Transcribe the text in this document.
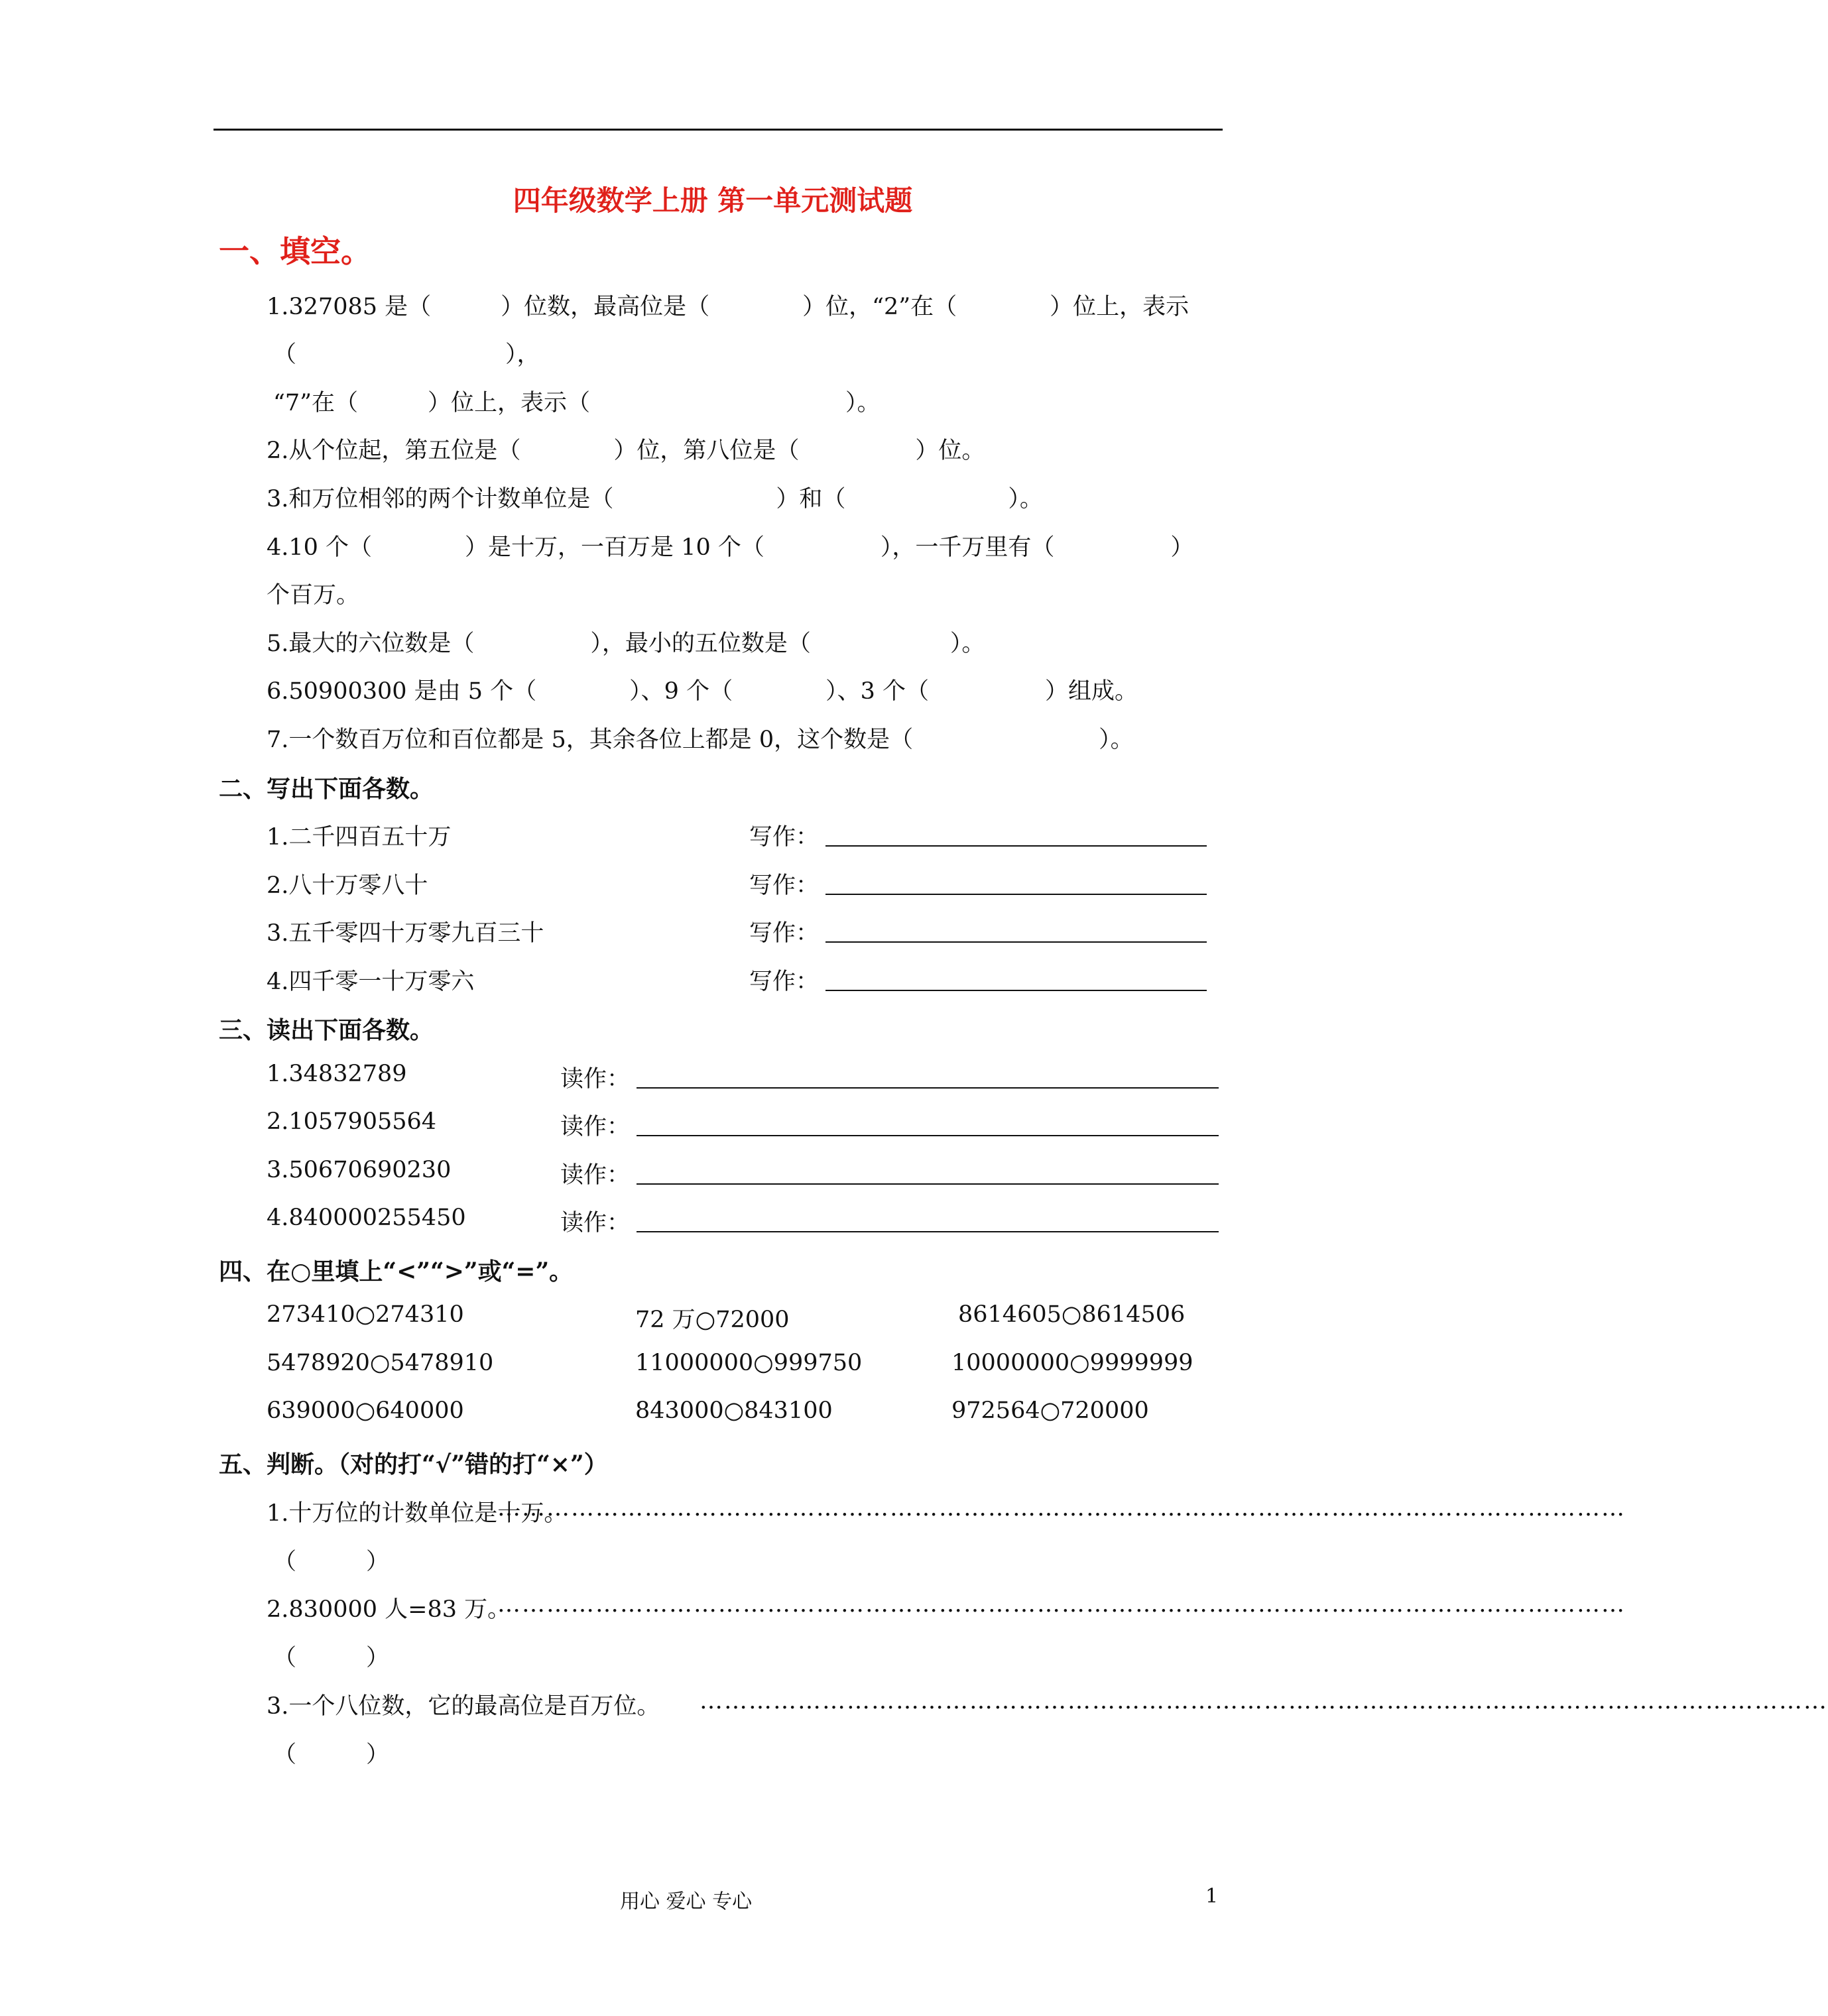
四年级数学上册 第一单元测试题
一、填空。
1.327085 是（　　　）位数，最高位是（　　　　）位，“2”在（　　　　）位上，表示
（　　　　　　　　　），
“7”在（　　　）位上，表示（　　　　　　　　　　　）。
2.从个位起，第五位是（　　　　）位，第八位是（　　　　　）位。
3.和万位相邻的两个计数单位是（　　　　　　　）和（　　　　　　　）。
4.10 个（　　　　）是十万，一百万是 10 个（　　　　　），一千万里有（　　　　　）
个百万。
5.最大的六位数是（　　　　　），最小的五位数是（　　　　　　）。
6.50900300 是由 5 个（　　　　）、9 个（　　　　）、3 个（　　　　　）组成。
7.一个数百万位和百位都是 5，其余各位上都是 0，这个数是（　　　　　　　　）。
二、写出下面各数。
1.二千四百五十万	写作：
2.八十万零八十	写作：
3.五千零四十万零九百三十	写作：
4.四千零一十万零六	写作：
三、读出下面各数。
1.34832789	读作：
2.1057905564	读作：
3.50670690230	读作：
4.840000255450	读作：
四、在○里填上“<”“>”或“=”。
273410○274310	72 万○72000	8614605○8614506
5478920○5478910	11000000○999750	10000000○9999999
639000○640000	843000○843100	972564○720000
五、判断。（对的打“√”错的打“×”）
1.十万位的计数单位是十万。
…………………………………………………………………………………………………………………………
（　　　）
2.830000 人=83 万。
…………………………………………………………………………………………………………………………
（　　　）
3.一个八位数，它的最高位是百万位。 …………………………………………………………………………………………………………………………
（　　　）
用心 爱心 专心	1
